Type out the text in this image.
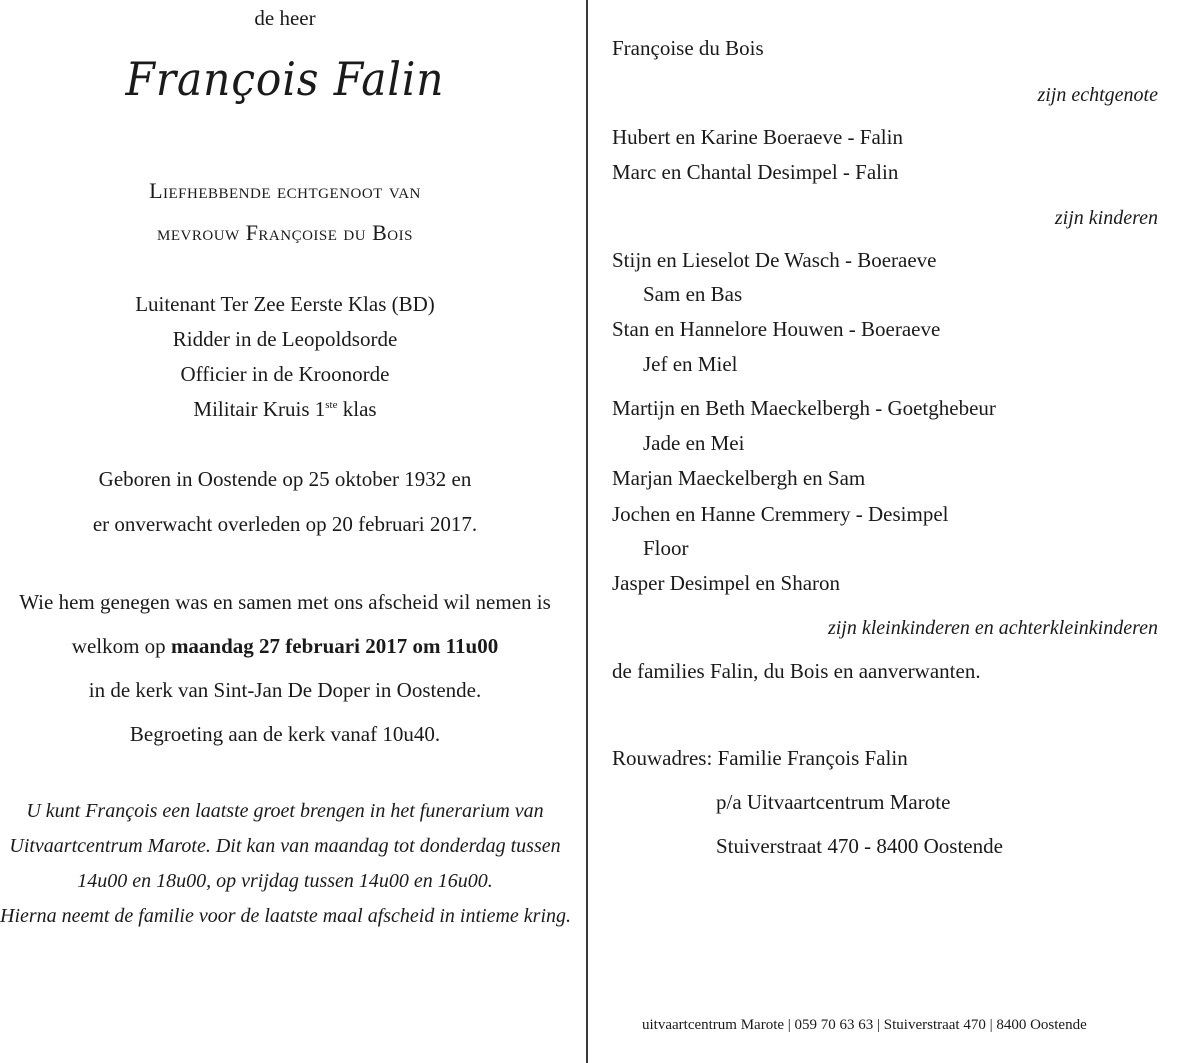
de heer
François Falin
Liefhebbende echtgenoot van
mevrouw Françoise du Bois
Luitenant Ter Zee Eerste Klas (BD)
Ridder in de Leopoldsorde
Officier in de Kroonorde
Militair Kruis 1ste klas
Geboren in Oostende op 25 oktober 1932 en
er onverwacht overleden op 20 februari 2017.
Wie hem genegen was en samen met ons afscheid wil nemen is
welkom op maandag 27 februari 2017 om 11u00
in de kerk van Sint-Jan De Doper in Oostende.
Begroeting aan de kerk vanaf 10u40.
U kunt François een laatste groet brengen in het funerarium van
Uitvaartcentrum Marote. Dit kan van maandag tot donderdag tussen
14u00 en 18u00, op vrijdag tussen 14u00 en 16u00.
Hierna neemt de familie voor de laatste maal afscheid in intieme kring.
Françoise du Bois
zijn echtgenote
Hubert en Karine Boeraeve - Falin
Marc en Chantal Desimpel - Falin
zijn kinderen
Stijn en Lieselot De Wasch - Boeraeve
Sam en Bas
Stan en Hannelore Houwen - Boeraeve
Jef en Miel
Martijn en Beth Maeckelbergh - Goetghebeur
Jade en Mei
Marjan Maeckelbergh en Sam
Jochen en Hanne Cremmery - Desimpel
Floor
Jasper Desimpel en Sharon
zijn kleinkinderen en achterkleinkinderen
de families Falin, du Bois en aanverwanten.
Rouwadres: Familie François Falin
p/a Uitvaartcentrum Marote
Stuiverstraat 470 - 8400 Oostende
uitvaartcentrum Marote | 059 70 63 63 | Stuiverstraat 470 | 8400 Oostende
